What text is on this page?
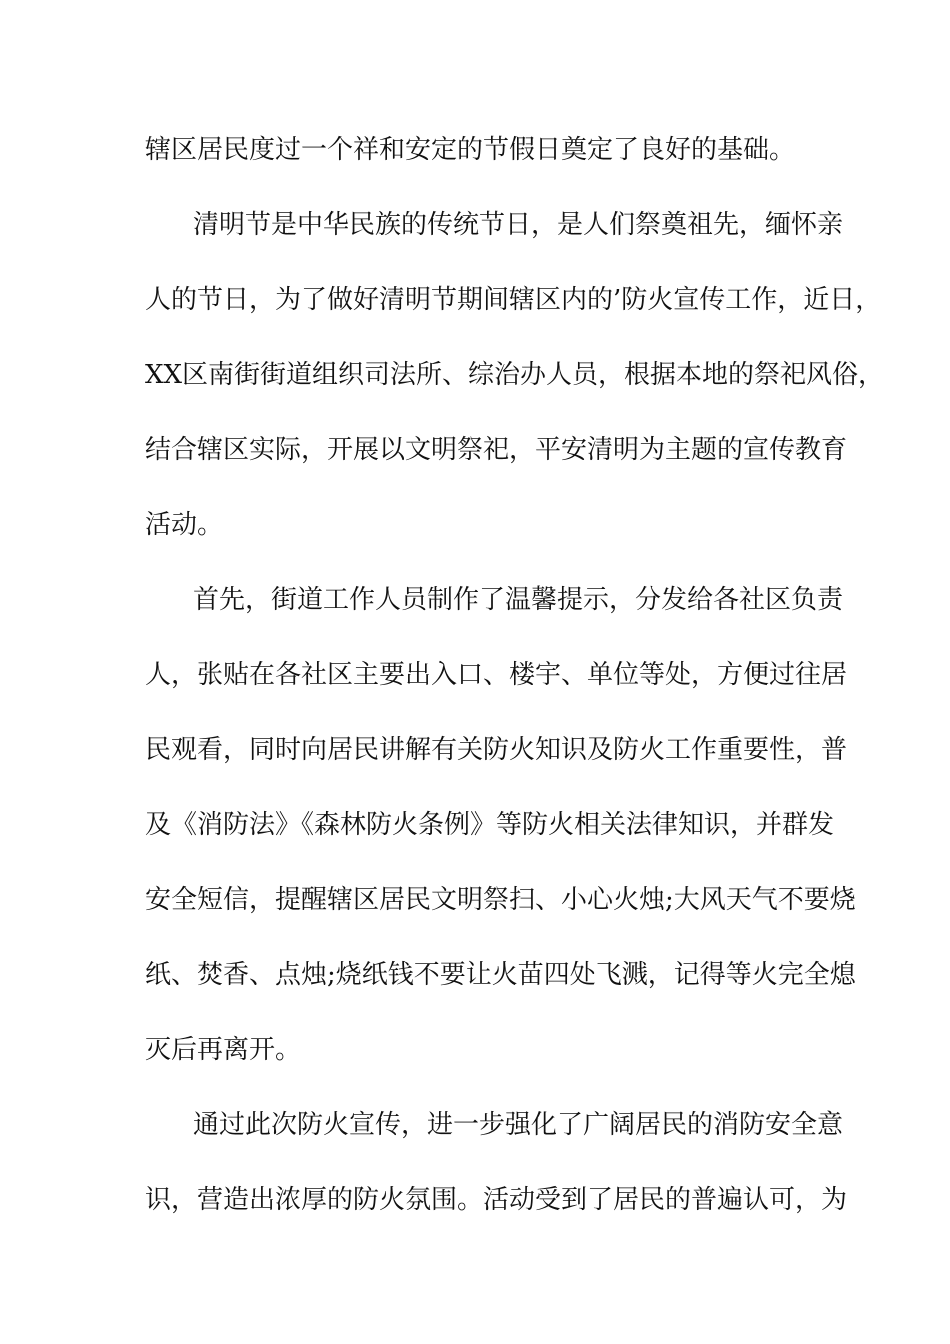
辖区居民度过一个祥和安定的节假日奠定了良好的基础。
清明节是中华民族的传统节日，是人们祭奠祖先，缅怀亲
人的节日，为了做好清明节期间辖区内的’防火宣传工作，近日，
XX区南街街道组织司法所、综治办人员，根据本地的祭祀风俗，
结合辖区实际，开展以文明祭祀，平安清明为主题的宣传教育
活动。
首先，街道工作人员制作了温馨提示，分发给各社区负责
人，张贴在各社区主要出入口、楼宇、单位等处，方便过往居
民观看，同时向居民讲解有关防火知识及防火工作重要性，普
及《消防法》《森林防火条例》等防火相关法律知识，并群发
安全短信，提醒辖区居民文明祭扫、小心火烛;大风天气不要烧
纸、焚香、点烛;烧纸钱不要让火苗四处飞溅，记得等火完全熄
灭后再离开。
通过此次防火宣传，进一步强化了广阔居民的消防安全意
识，营造出浓厚的防火氛围。活动受到了居民的普遍认可，为
